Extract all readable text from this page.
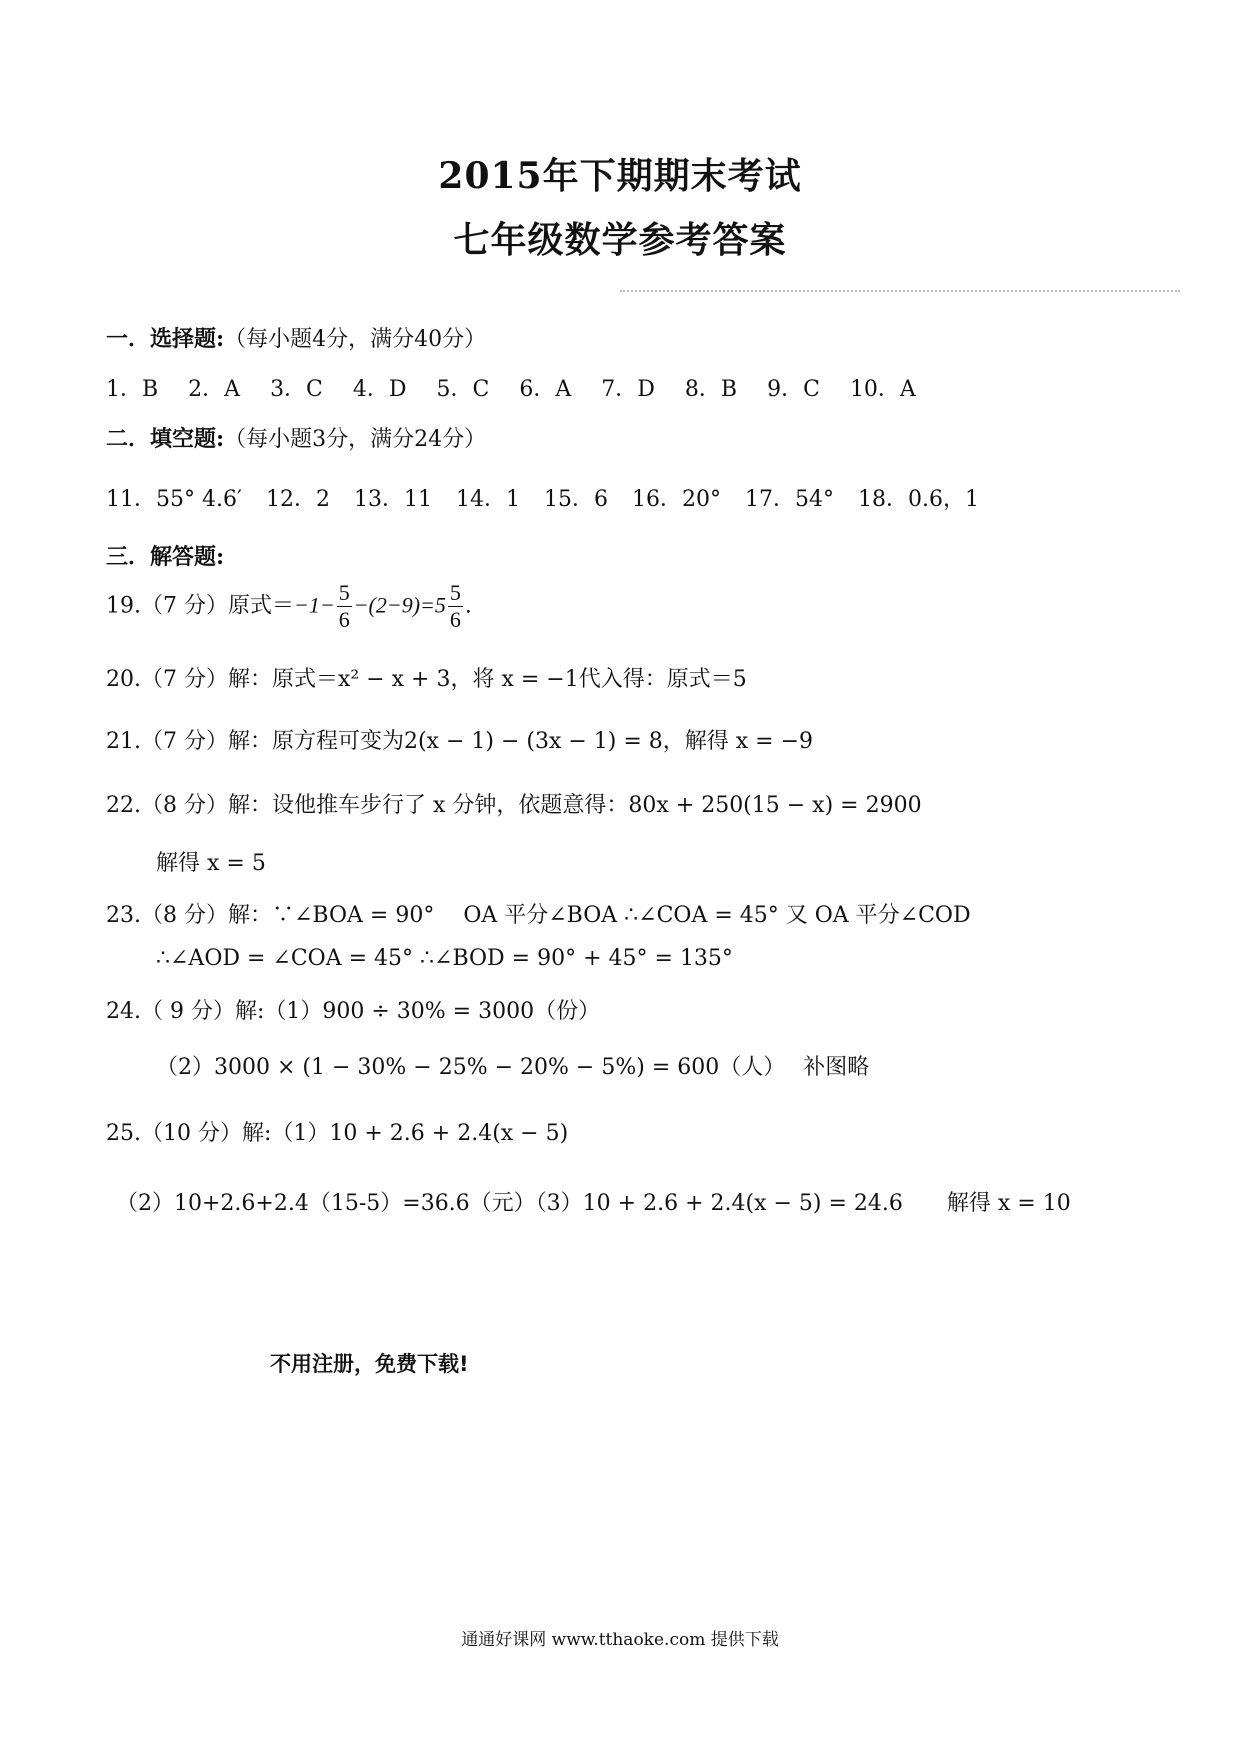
2015年下期期末考试
七年级数学参考答案
一．选择题:（每小题4分，满分40分）
1．B 2．A 3．C 4．D 5．C 6．A 7．D 8．B 9．C 10．A
二．填空题:（每小题3分，满分24分）
11．55° 4.6′ 12．2 13．11 14．1 15．6 16．20° 17．54° 18．0.6，1
三．解答题:
19.（7 分）原式$=-1- \frac{5}{6} -(2-9)=5 \frac{5}{6}$ .
20.（7 分）解：原式＝x² − x + 3，将 x = −1代入得：原式＝5
21.（7 分）解：原方程可变为2(x − 1) − (3x − 1) = 8，解得 x = −9
22.（8 分）解：设他推车步行了 x 分钟，依题意得：80x + 250(15 − x) = 2900
解得 x = 5
23.（8 分）解：∵∠BOA = 90°　 OA 平分∠BOA ∴∠COA = 45° 又 OA 平分∠COD
∴∠AOD = ∠COA = 45° ∴∠BOD = 90° + 45° = 135°
24.（ 9 分）解:（1）900 ÷ 30% = 3000（份）
（2）3000 × (1 − 30% − 25% − 20% − 5%) = 600（人）　 补图略
25.（10 分）解:（1）10 + 2.6 + 2.4(x − 5)
（2）10+2.6+2.4（15-5）=36.6（元）（3）10 + 2.6 + 2.4(x − 5) = 24.6　　解得 x = 10
不用注册，免费下载!
通通好课网 www.tthaoke.com 提供下载
